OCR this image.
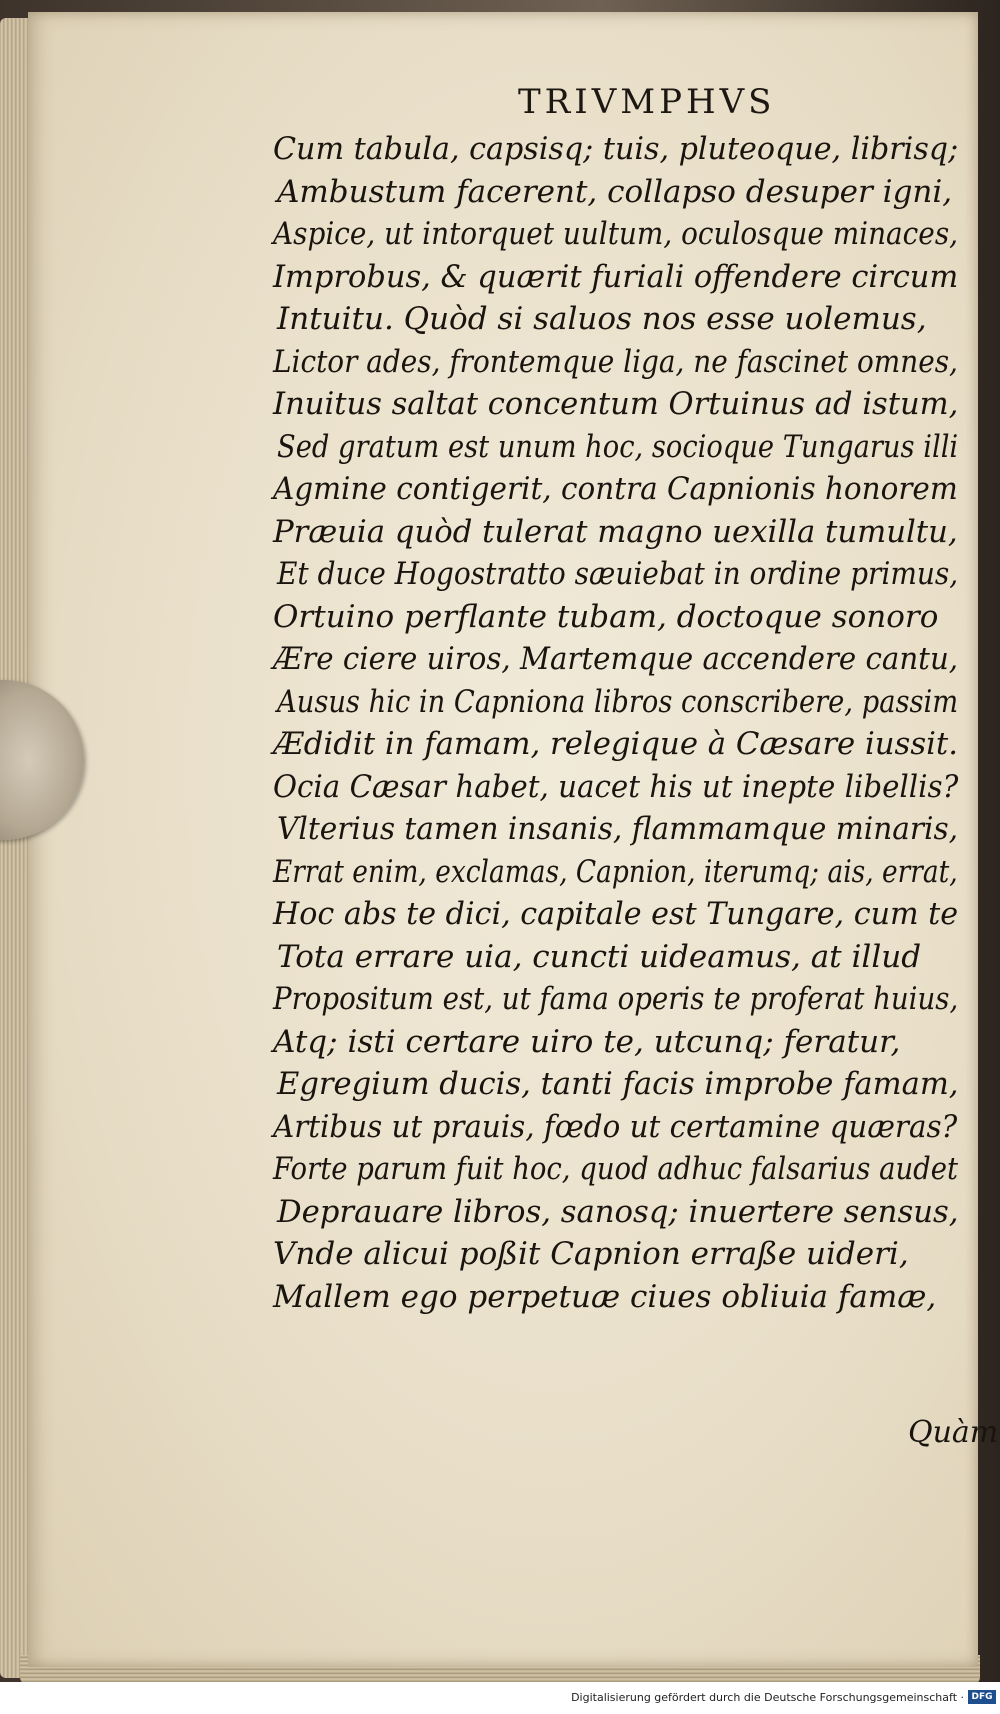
TRIVMPHVS
Cum tabula, capsisq; tuis, pluteoque, librisq;
Ambustum facerent, collapso desuper igni,
Aspice, ut intorquet uultum, oculosque minaces,
Improbus, & quærit furiali offendere circum
Intuitu. Quòd si saluos nos esse uolemus,
Lictor ades, frontemque liga, ne fascinet omnes,
Inuitus saltat concentum Ortuinus ad istum,
Sed gratum est unum hoc, socioque Tungarus illi
Agmine contigerit, contra Capnionis honorem
Præuia quòd tulerat magno uexilla tumultu,
Et duce Hogostratto sæuiebat in ordine primus,
Ortuino perflante tubam, doctoque sonoro
Ære ciere uiros, Martemque accendere cantu,
Ausus hic in Capniona libros conscribere, passim
Ædidit in famam, relegique à Cæsare iussit.
Ocia Cæsar habet, uacet his ut inepte libellis?
Vlterius tamen insanis, flammamque minaris,
Errat enim, exclamas, Capnion, iterumq; ais, errat,
Hoc abs te dici, capitale est Tungare, cum te
Tota errare uia, cuncti uideamus, at illud
Propositum est, ut fama operis te proferat huius,
Atq; isti certare uiro te, utcunq; feratur,
Egregium ducis, tanti facis improbe famam,
Artibus ut prauis, fœdo ut certamine quæras?
Forte parum fuit hoc, quod adhuc falsarius audet
Deprauare libros, sanosq; inuertere sensus,
Vnde alicui poßit Capnion erraße uideri,
Mallem ego perpetuæ ciues obliuia famæ,
Quàm
Digitalisierung gefördert durch die Deutsche Forschungsgemeinschaft · DFG
